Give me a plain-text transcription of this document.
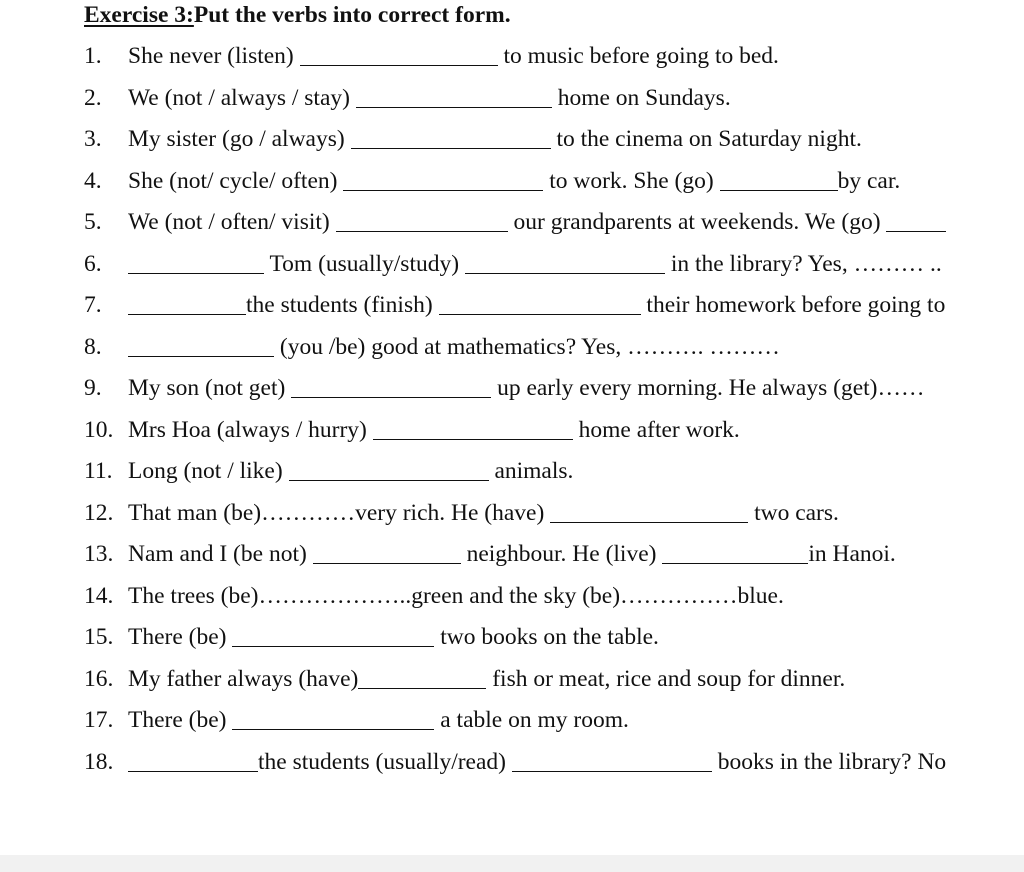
Exercise 3:Put the verbs into correct form.
1. She never (listen)	to music before going to bed.
2. We (not / always / stay)	home on Sundays.
3. My sister (go / always)	to the cinema on Saturday night.
4. She (not/ cycle/ often)	to work. She (go)	by car.
5. We (not / often/ visit)	our grandparents at weekends. We (go)
6.	Tom (usually/study)	in the library? Yes, ……… ..
7.	the students (finish)	their homework before going to
8.	(you /be) good at mathematics? Yes, ………. ………
9. My son (not get)	up early every morning. He always (get)……
10. Mrs Hoa (always / hurry)	home after work.
11. Long (not / like)	animals.
12. That man (be)…………very rich. He (have)	two cars.
13. Nam and I (be not)	neighbour. He (live)	in Hanoi.
14. The trees (be)………………..green and the sky (be)……………blue.
15. There (be)	two books on the table.
16. My father always (have)	fish or meat, rice and soup for dinner.
17. There (be)	a table on my room.
18.	the students (usually/read)	books in the library? No
